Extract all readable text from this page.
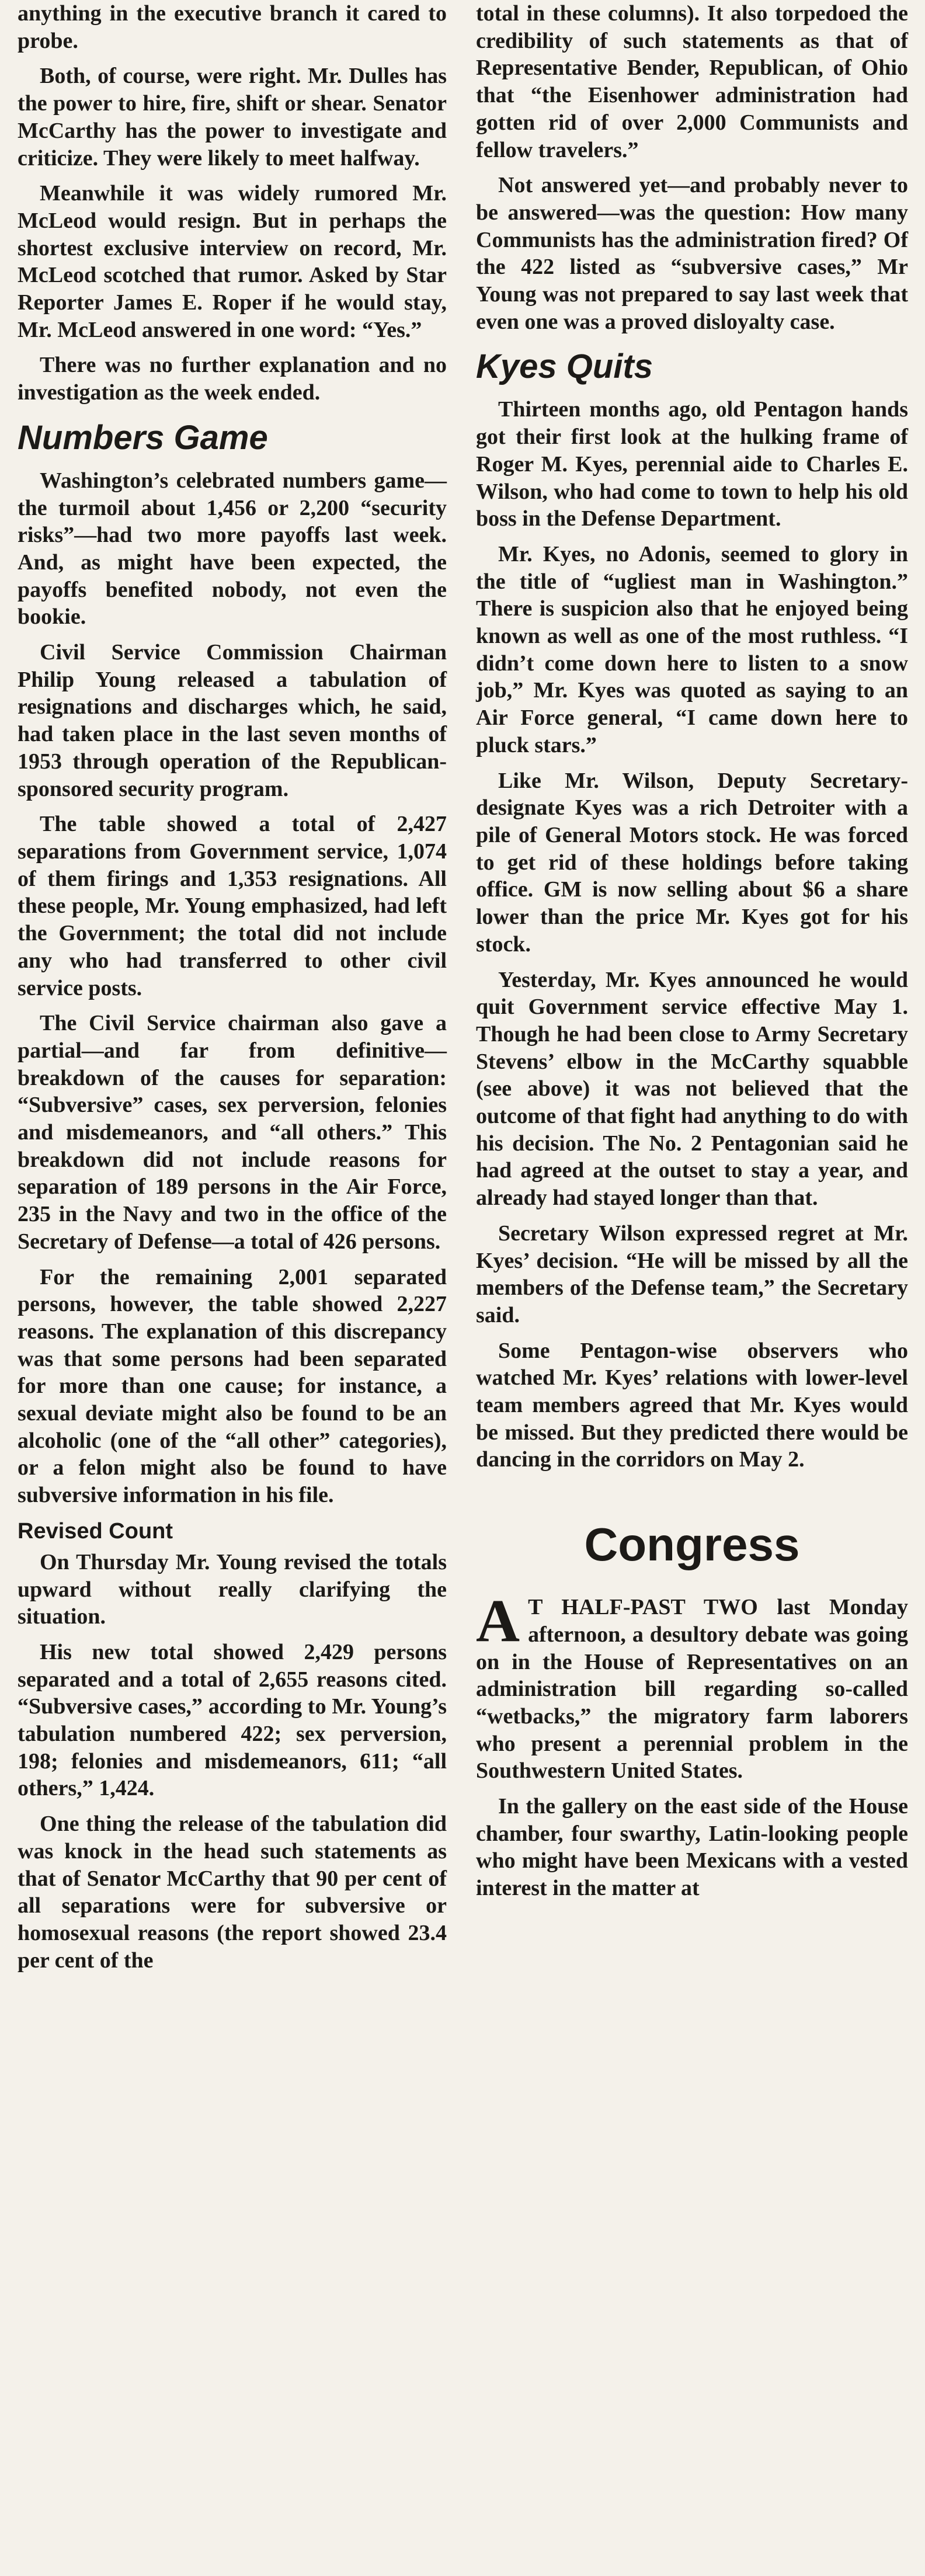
anything in the executive branch it cared to probe.

Both, of course, were right. Mr. Dulles has the power to hire, fire, shift or shear. Senator McCarthy has the power to investigate and criticize. They were likely to meet halfway.

Meanwhile it was widely rumored Mr. McLeod would resign. But in perhaps the shortest exclusive interview on record, Mr. McLeod scotched that rumor. Asked by Star Reporter James E. Roper if he would stay, Mr. McLeod answered in one word: “Yes.”

There was no further explanation and no investigation as the week ended.

Numbers Game

Washington’s celebrated numbers game—the turmoil about 1,456 or 2,200 “security risks”—had two more payoffs last week. And, as might have been expected, the payoffs benefited nobody, not even the bookie.

Civil Service Commission Chairman Philip Young released a tabulation of resignations and discharges which, he said, had taken place in the last seven months of 1953 through operation of the Republican-sponsored security program.

The table showed a total of 2,427 separations from Government service, 1,074 of them firings and 1,353 resignations. All these people, Mr. Young emphasized, had left the Government; the total did not include any who had transferred to other civil service posts.

The Civil Service chairman also gave a partial—and far from definitive—breakdown of the causes for separation: “Subversive” cases, sex perversion, felonies and misdemeanors, and “all others.” This breakdown did not include reasons for separation of 189 persons in the Air Force, 235 in the Navy and two in the office of the Secretary of Defense—a total of 426 persons.

For the remaining 2,001 separated persons, however, the table showed 2,227 reasons. The explanation of this discrepancy was that some persons had been separated for more than one cause; for instance, a sexual deviate might also be found to be an alcoholic (one of the “all other” categories), or a felon might also be found to have subversive information in his file.

Revised Count

On Thursday Mr. Young revised the totals upward without really clarifying the situation.

His new total showed 2,429 persons separated and a total of 2,655 reasons cited. “Subversive cases,” according to Mr. Young’s tabulation numbered 422; sex perversion, 198; felonies and misdemeanors, 611; “all others,” 1,424.

One thing the release of the tabulation did was knock in the head such statements as that of Senator McCarthy that 90 per cent of all separations were for subversive or homosexual reasons (the report showed 23.4 per cent of the

total in these columns). It also torpedoed the credibility of such statements as that of Representative Bender, Republican, of Ohio that “the Eisenhower administration had gotten rid of over 2,000 Communists and fellow travelers.”

Not answered yet—and probably never to be answered—was the question: How many Communists has the administration fired? Of the 422 listed as “subversive cases,” Mr Young was not prepared to say last week that even one was a proved disloyalty case.

Kyes Quits

Thirteen months ago, old Pentagon hands got their first look at the hulking frame of Roger M. Kyes, perennial aide to Charles E. Wilson, who had come to town to help his old boss in the Defense Department.

Mr. Kyes, no Adonis, seemed to glory in the title of “ugliest man in Washington.” There is suspicion also that he enjoyed being known as well as one of the most ruthless. “I didn’t come down here to listen to a snow job,” Mr. Kyes was quoted as saying to an Air Force general, “I came down here to pluck stars.”

Like Mr. Wilson, Deputy Secretary-designate Kyes was a rich Detroiter with a pile of General Motors stock. He was forced to get rid of these holdings before taking office. GM is now selling about $6 a share lower than the price Mr. Kyes got for his stock.

Yesterday, Mr. Kyes announced he would quit Government service effective May 1. Though he had been close to Army Secretary Stevens’ elbow in the McCarthy squabble (see above) it was not believed that the outcome of that fight had anything to do with his decision. The No. 2 Pentagonian said he had agreed at the outset to stay a year, and already had stayed longer than that.

Secretary Wilson expressed regret at Mr. Kyes’ decision. “He will be missed by all the members of the Defense team,” the Secretary said.

Some Pentagon-wise observers who watched Mr. Kyes’ relations with lower-level team members agreed that Mr. Kyes would be missed. But they predicted there would be dancing in the corridors on May 2.

Congress

A T HALF-PAST TWO last Monday afternoon, a desultory debate was going on in the House of Representatives on an administration bill regarding so-called “wetbacks,” the migratory farm laborers who present a perennial problem in the Southwestern United States.

In the gallery on the east side of the House chamber, four swarthy, Latin-looking people who might have been Mexicans with a vested interest in the matter at
